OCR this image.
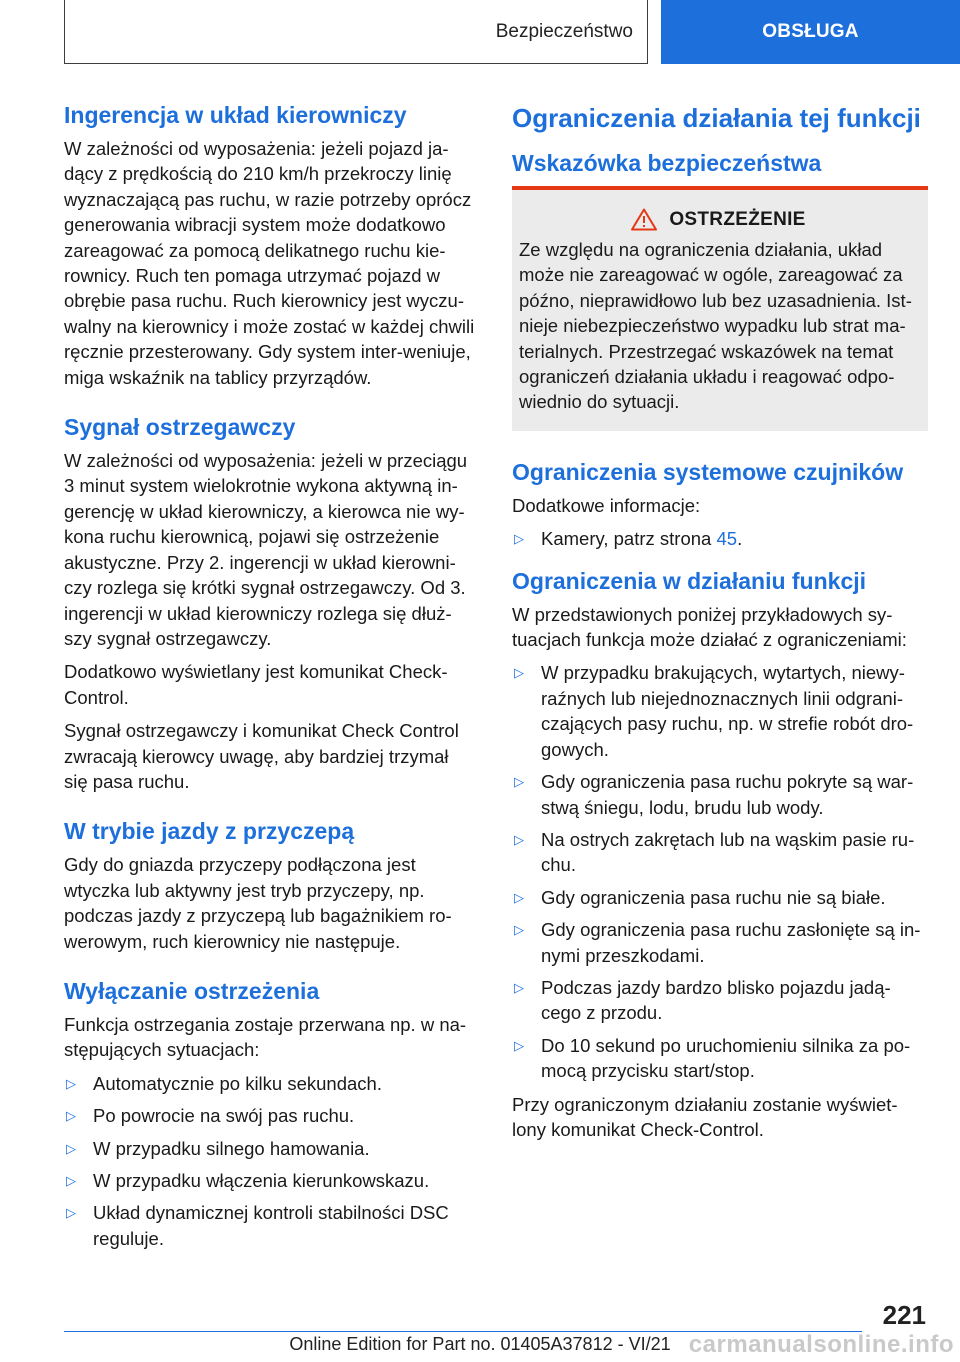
Bezpieczeństwo	OBSŁUGA
Ingerencja w układ kierowniczy
W zależności od wyposażenia: jeżeli pojazd ja-dący z prędkością do 210 km/h przekroczy linię wyznaczającą pas ruchu, w razie potrzeby oprócz generowania wibracji system może dodatkowo zareagować za pomocą delikatnego ruchu kie-rownicy. Ruch ten pomaga utrzymać pojazd w obrębie pasa ruchu. Ruch kierownicy jest wyczu-walny na kierownicy i może zostać w każdej chwili ręcznie przesterowany. Gdy system inter-weniuje, miga wskaźnik na tablicy przyrządów.
Sygnał ostrzegawczy
W zależności od wyposażenia: jeżeli w przeciągu 3 minut system wielokrotnie wykona aktywną in-gerencję w układ kierowniczy, a kierowca nie wy-kona ruchu kierownicą, pojawi się ostrzeżenie akustyczne. Przy 2. ingerencji w układ kierowni-czy rozlega się krótki sygnał ostrzegawczy. Od 3. ingerencji w układ kierowniczy rozlega się dłuż-szy sygnał ostrzegawczy.
Dodatkowo wyświetlany jest komunikat Check-Control.
Sygnał ostrzegawczy i komunikat Check Control zwracają kierowcy uwagę, aby bardziej trzymał się pasa ruchu.
W trybie jazdy z przyczepą
Gdy do gniazda przyczepy podłączona jest wtyczka lub aktywny jest tryb przyczepy, np. podczas jazdy z przyczepą lub bagażnikiem ro-werowym, ruch kierownicy nie następuje.
Wyłączanie ostrzeżenia
Funkcja ostrzegania zostaje przerwana np. w na-stępujących sytuacjach:
▷ Automatycznie po kilku sekundach.
▷ Po powrocie na swój pas ruchu.
▷ W przypadku silnego hamowania.
▷ W przypadku włączenia kierunkowskazu.
▷ Układ dynamicznej kontroli stabilności DSC reguluje.
Ograniczenia działania tej funkcji
Wskazówka bezpieczeństwa
OSTRZEŻENIE
Ze względu na ograniczenia działania, układ może nie zareagować w ogóle, zareagować za późno, nieprawidłowo lub bez uzasadnienia. Ist-nieje niebezpieczeństwo wypadku lub strat ma-terialnych. Przestrzegać wskazówek na temat ograniczeń działania układu i reagować odpo-wiednio do sytuacji.
Ograniczenia systemowe czujników
Dodatkowe informacje:
▷ Kamery, patrz strona 45.
Ograniczenia w działaniu funkcji
W przedstawionych poniżej przykładowych sy-tuacjach funkcja może działać z ograniczeniami:
▷ W przypadku brakujących, wytartych, niewy-raźnych lub niejednoznacznych linii odgrani-czających pasy ruchu, np. w strefie robót dro-gowych.
▷ Gdy ograniczenia pasa ruchu pokryte są war-stwą śniegu, lodu, brudu lub wody.
▷ Na ostrych zakrętach lub na wąskim pasie ru-chu.
▷ Gdy ograniczenia pasa ruchu nie są białe.
▷ Gdy ograniczenia pasa ruchu zasłonięte są in-nymi przeszkodami.
▷ Podczas jazdy bardzo blisko pojazdu jadą-cego z przodu.
▷ Do 10 sekund po uruchomieniu silnika za po-mocą przycisku start/stop.
Przy ograniczonym działaniu zostanie wyświet-lony komunikat Check-Control.
221
Online Edition for Part no. 01405A37812 - VI/21 carmanualsonline.info
